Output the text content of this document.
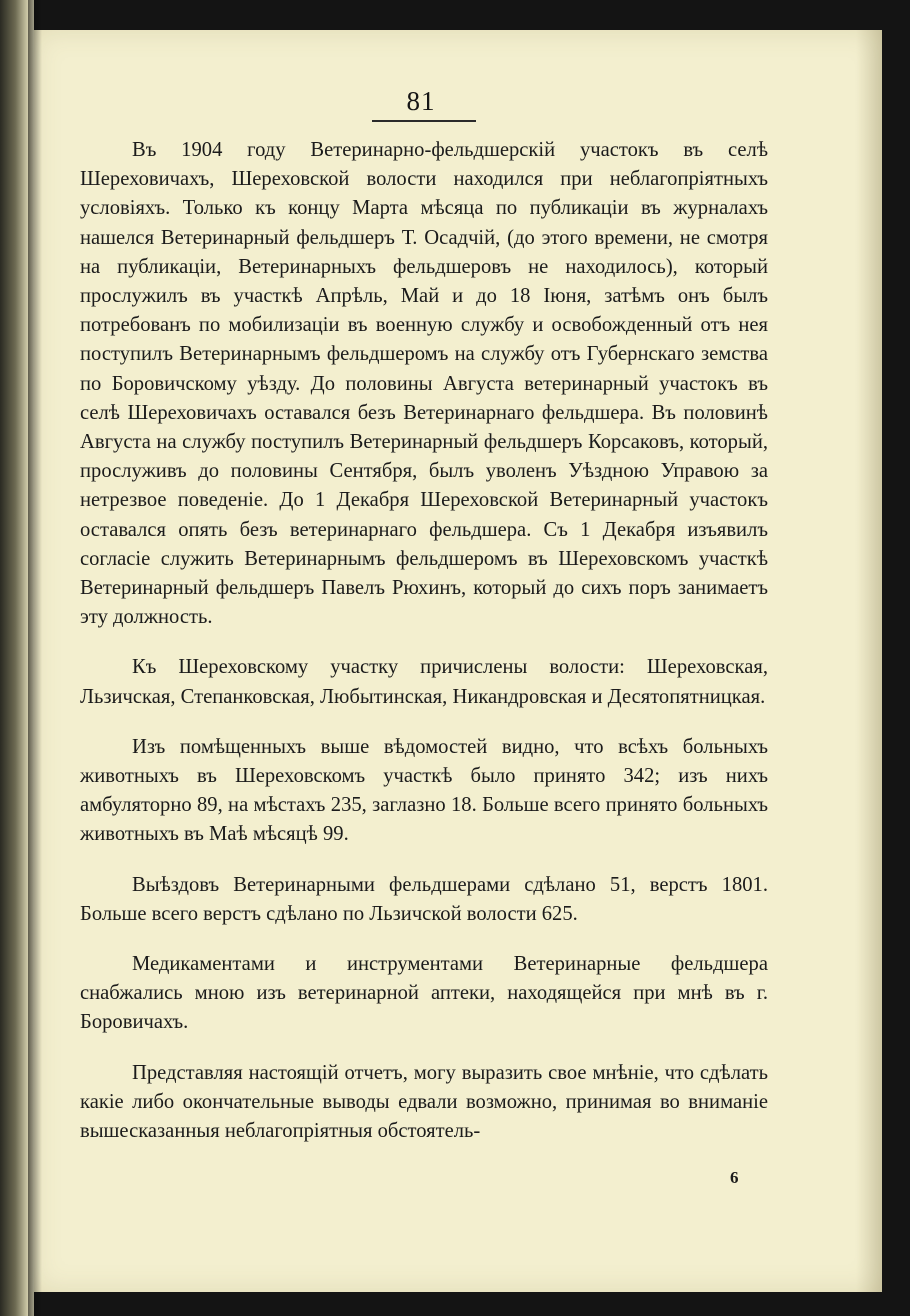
81

Въ 1904 году Ветеринарно-фельдшерскій участокъ въ селѣ Шереховичахъ, Шереховской волости находился при неблагопріятныхъ условіяхъ. Только къ концу Марта мѣсяца по публикаціи въ журналахъ нашелся Ветеринарный фельдшеръ Т. Осадчій, (до этого времени, не смотря на публикаціи, Ветеринарныхъ фельдшеровъ не находилось), который прослужилъ въ участкѣ Апрѣль, Май и до 18 Іюня, затѣмъ онъ былъ потребованъ по мобилизаціи въ военную службу и освобожденный отъ нея поступилъ Ветеринарнымъ фельдшеромъ на службу отъ Губернскаго земства по Боровичскому уѣзду. До половины Августа ветеринарный участокъ въ селѣ Шереховичахъ оставался безъ Ветеринарнаго фельдшера. Въ половинѣ Августа на службу поступилъ Ветеринарный фельдшеръ Корсаковъ, который, прослуживъ до половины Сентября, былъ уволенъ Уѣздною Управою за нетрезвое поведеніе. До 1 Декабря Шереховской Ветеринарный участокъ оставался опять безъ ветеринарнаго фельдшера. Съ 1 Декабря изъявилъ согласіе служить Ветеринарнымъ фельдшеромъ въ Шереховскомъ участкѣ Ветеринарный фельдшеръ Павелъ Рюхинъ, который до сихъ поръ занимаетъ эту должность.

Къ Шереховскому участку причислены волости: Шереховская, Льзичская, Степанковская, Любытинская, Никандровская и Десятопятницкая.

Изъ помѣщенныхъ выше вѣдомостей видно, что всѣхъ больныхъ животныхъ въ Шереховскомъ участкѣ было принято 342; изъ нихъ амбуляторно 89, на мѣстахъ 235, заглазно 18. Больше всего принято больныхъ животныхъ въ Маѣ мѣсяцѣ 99.

Выѣздовъ Ветеринарными фельдшерами сдѣлано 51, верстъ 1801. Больше всего верстъ сдѣлано по Льзичской волости 625.

Медикаментами и инструментами Ветеринарные фельдшера снабжались мною изъ ветеринарной аптеки, находящейся при мнѣ въ г. Боровичахъ.

Представляя настоящій отчетъ, могу выразить свое мнѣніе, что сдѣлать какіе либо окончательные выводы едвали возможно, принимая во вниманіе вышесказанныя неблагопріятныя обстоятель-

6
